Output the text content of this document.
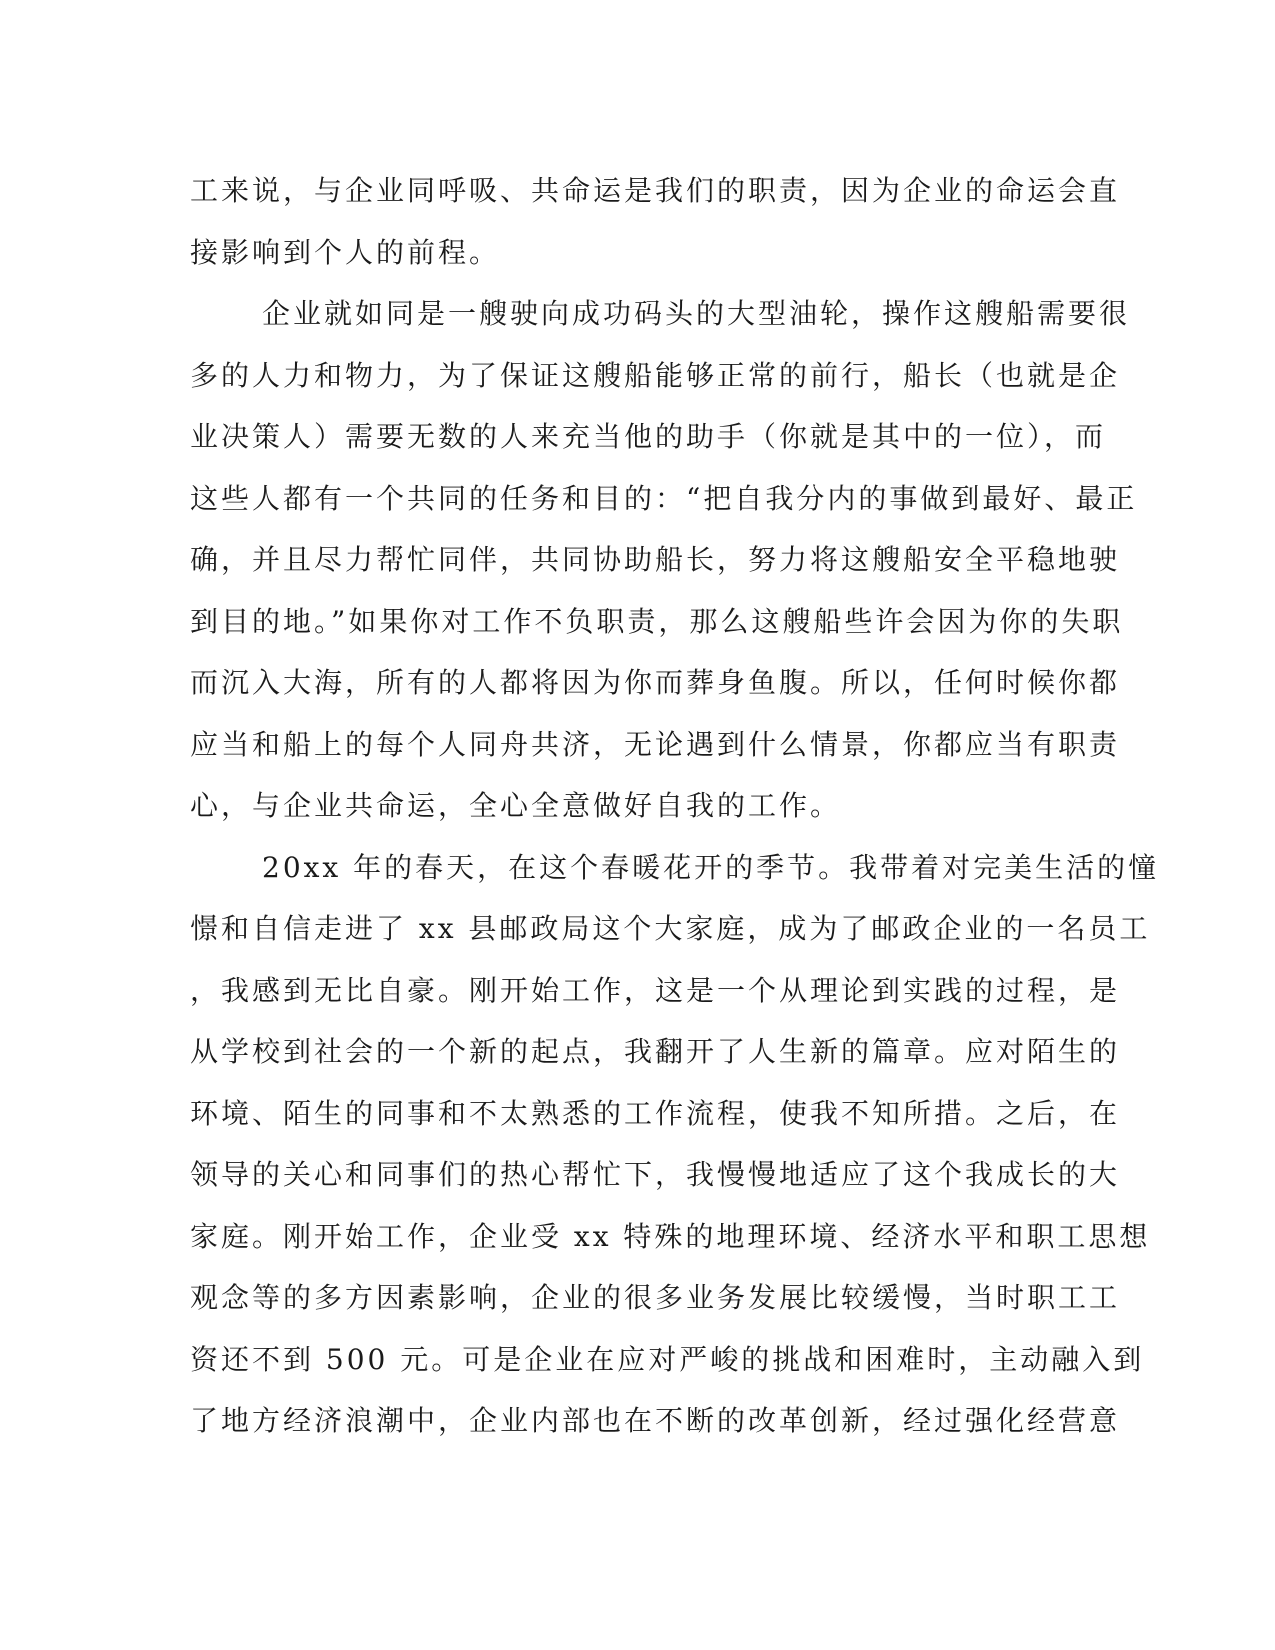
工来说，与企业同呼吸、共命运是我们的职责，因为企业的命运会直
接影响到个人的前程。
企业就如同是一艘驶向成功码头的大型油轮，操作这艘船需要很
多的人力和物力，为了保证这艘船能够正常的前行，船长（也就是企
业决策人）需要无数的人来充当他的助手（你就是其中的一位），而
这些人都有一个共同的任务和目的：“把自我分内的事做到最好、最正
确，并且尽力帮忙同伴，共同协助船长，努力将这艘船安全平稳地驶
到目的地。”如果你对工作不负职责，那么这艘船些许会因为你的失职
而沉入大海，所有的人都将因为你而葬身鱼腹。所以，任何时候你都
应当和船上的每个人同舟共济，无论遇到什么情景，你都应当有职责
心，与企业共命运，全心全意做好自我的工作。
20xx 年的春天，在这个春暖花开的季节。我带着对完美生活的憧
憬和自信走进了 xx 县邮政局这个大家庭，成为了邮政企业的一名员工
，我感到无比自豪。刚开始工作，这是一个从理论到实践的过程，是
从学校到社会的一个新的起点，我翻开了人生新的篇章。应对陌生的
环境、陌生的同事和不太熟悉的工作流程，使我不知所措。之后，在
领导的关心和同事们的热心帮忙下，我慢慢地适应了这个我成长的大
家庭。刚开始工作，企业受 xx 特殊的地理环境、经济水平和职工思想
观念等的多方因素影响，企业的很多业务发展比较缓慢，当时职工工
资还不到 500 元。可是企业在应对严峻的挑战和困难时，主动融入到
了地方经济浪潮中，企业内部也在不断的改革创新，经过强化经营意
